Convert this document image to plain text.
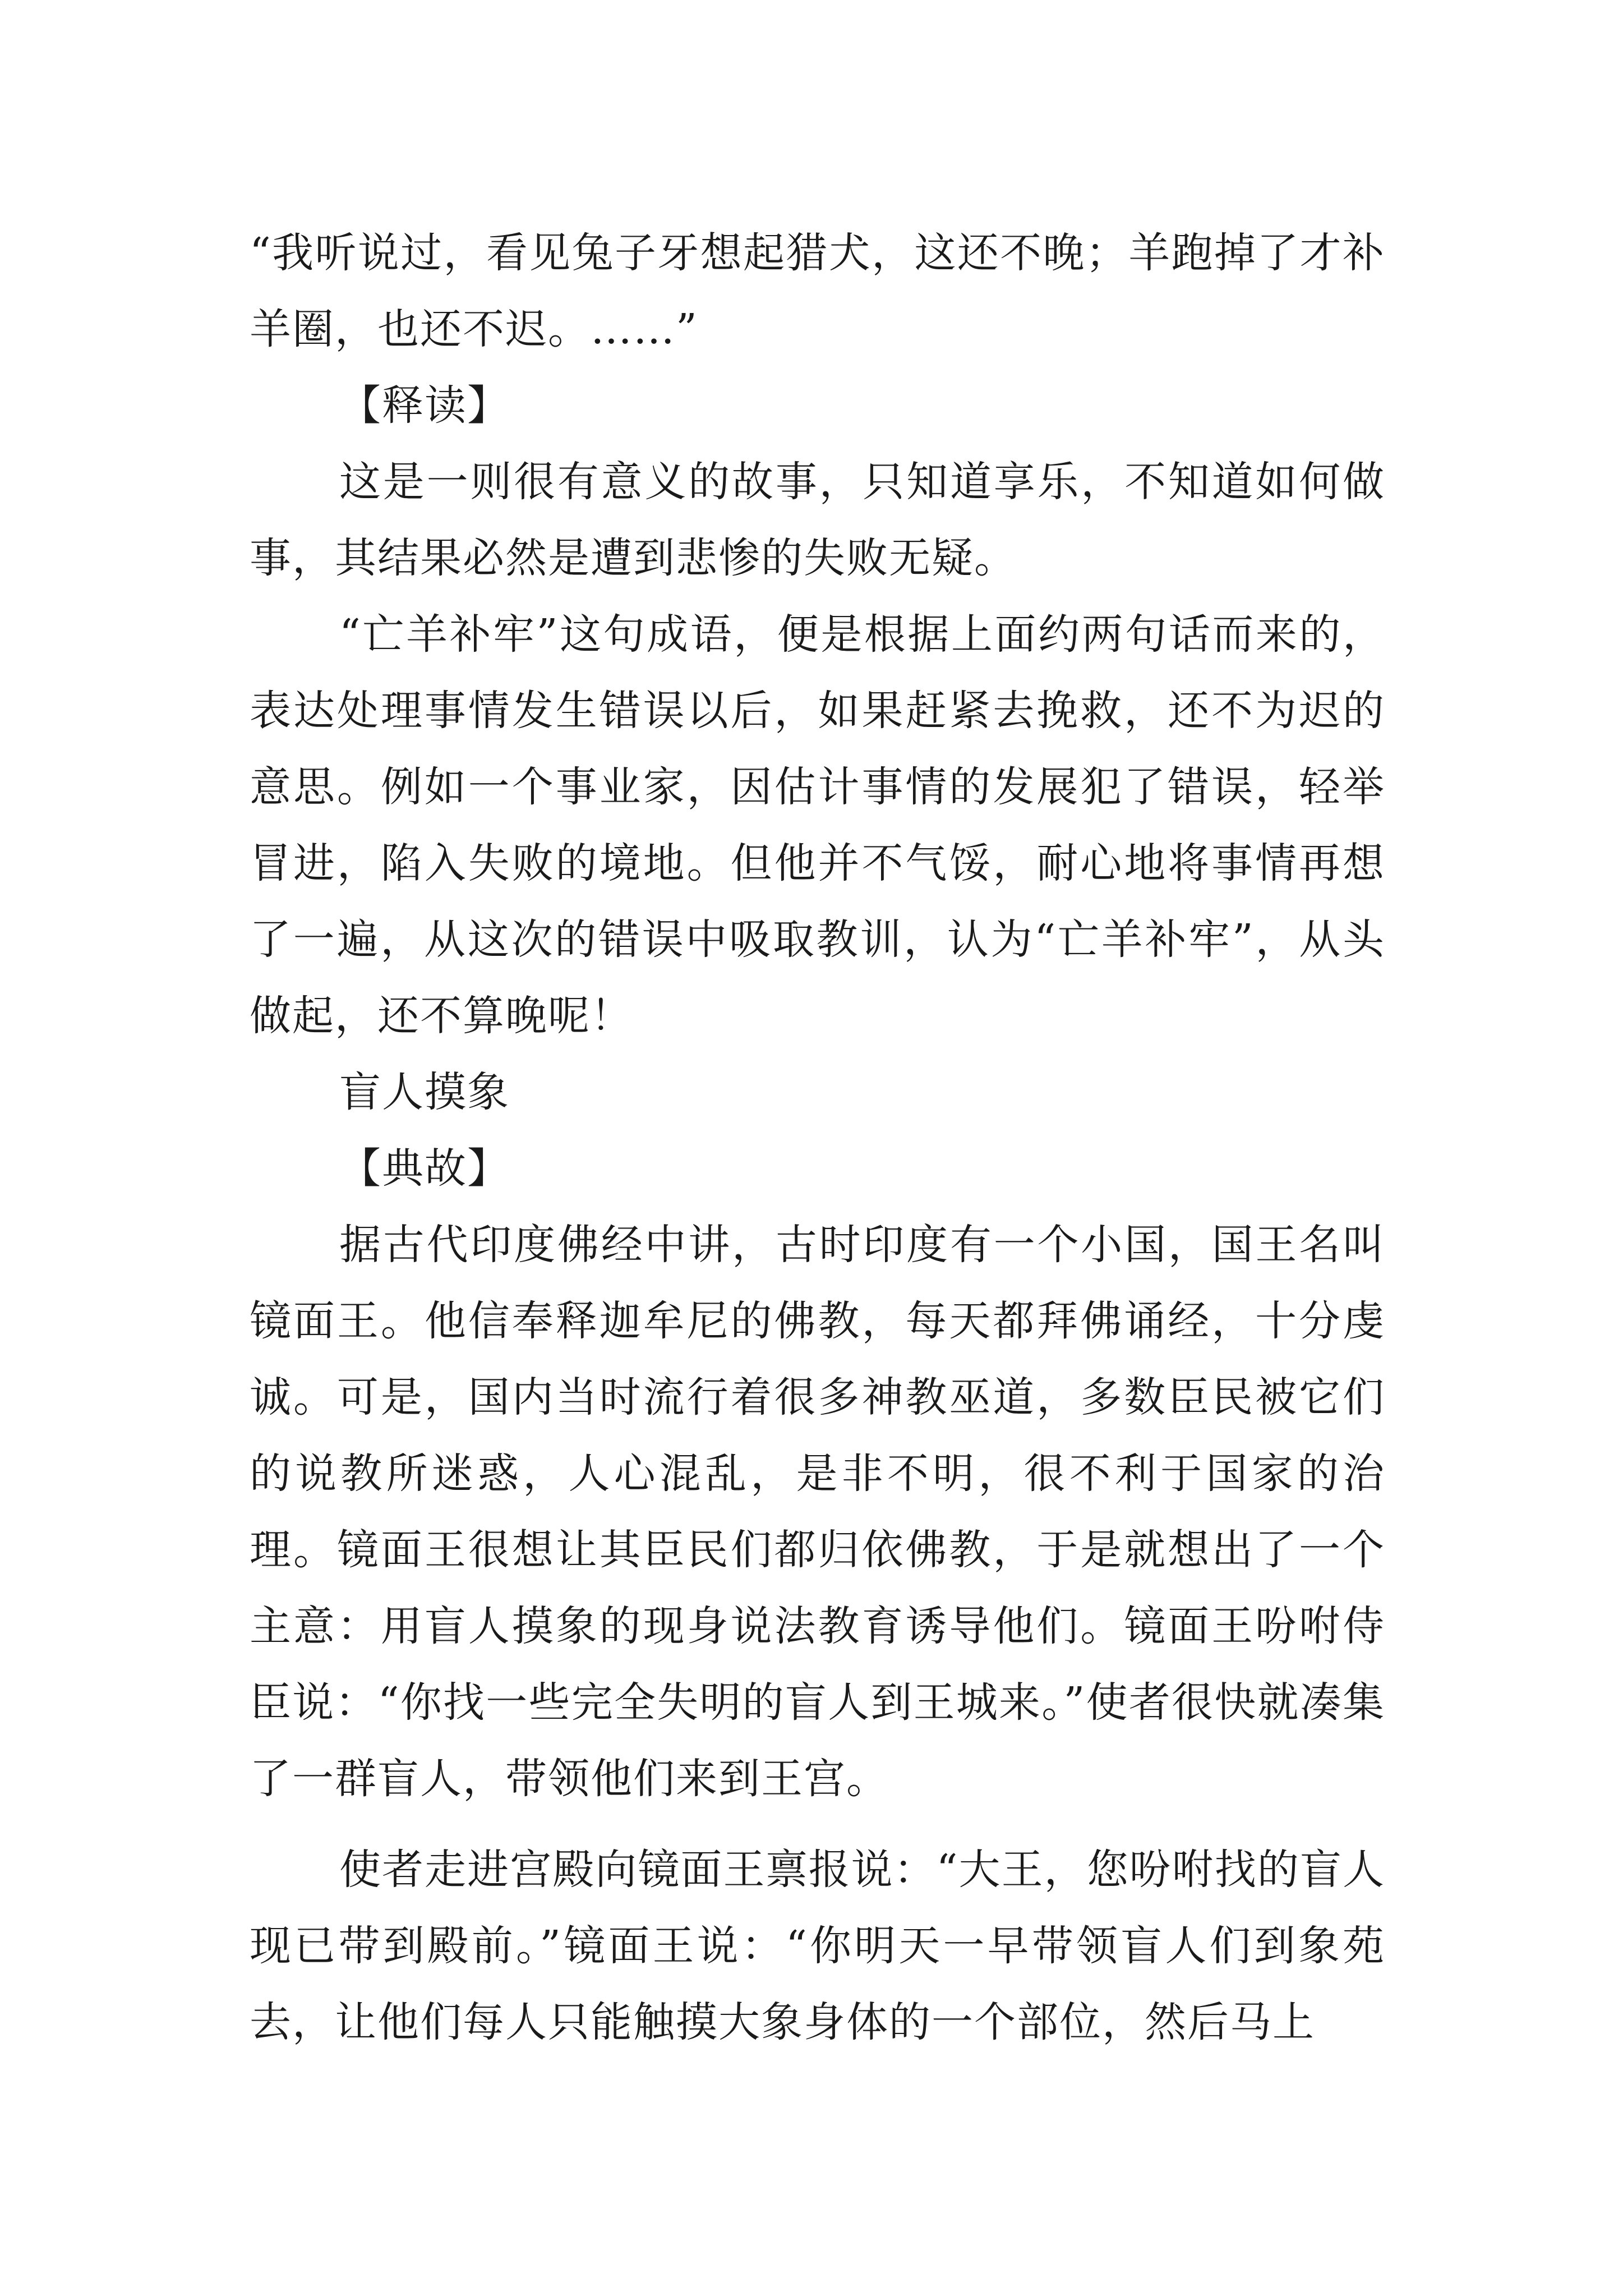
“我听说过，看见兔子牙想起猎犬，这还不晚；羊跑掉了才补羊圈，也还不迟。……”

【释读】

这是一则很有意义的故事，只知道享乐，不知道如何做事，其结果必然是遭到悲惨的失败无疑。

“亡羊补牢”这句成语，便是根据上面约两句话而来的，表达处理事情发生错误以后，如果赶紧去挽救，还不为迟的意思。例如一个事业家，因估计事情的发展犯了错误，轻举冒进，陷入失败的境地。但他并不气馁，耐心地将事情再想了一遍，从这次的错误中吸取教训，认为“亡羊补牢”，从头做起，还不算晚呢！

盲人摸象

【典故】

据古代印度佛经中讲，古时印度有一个小国，国王名叫镜面王。他信奉释迦牟尼的佛教，每天都拜佛诵经，十分虔诚。可是，国内当时流行着很多神教巫道，多数臣民被它们的说教所迷惑，人心混乱，是非不明，很不利于国家的治理。镜面王很想让其臣民们都归依佛教，于是就想出了一个主意：用盲人摸象的现身说法教育诱导他们。镜面王吩咐侍臣说：“你找一些完全失明的盲人到王城来。”使者很快就凑集了一群盲人，带领他们来到王宫。

使者走进宫殿向镜面王禀报说：“大王，您吩咐找的盲人现已带到殿前。”镜面王说：“你明天一早带领盲人们到象苑去，让他们每人只能触摸大象身体的一个部位，然后马上
